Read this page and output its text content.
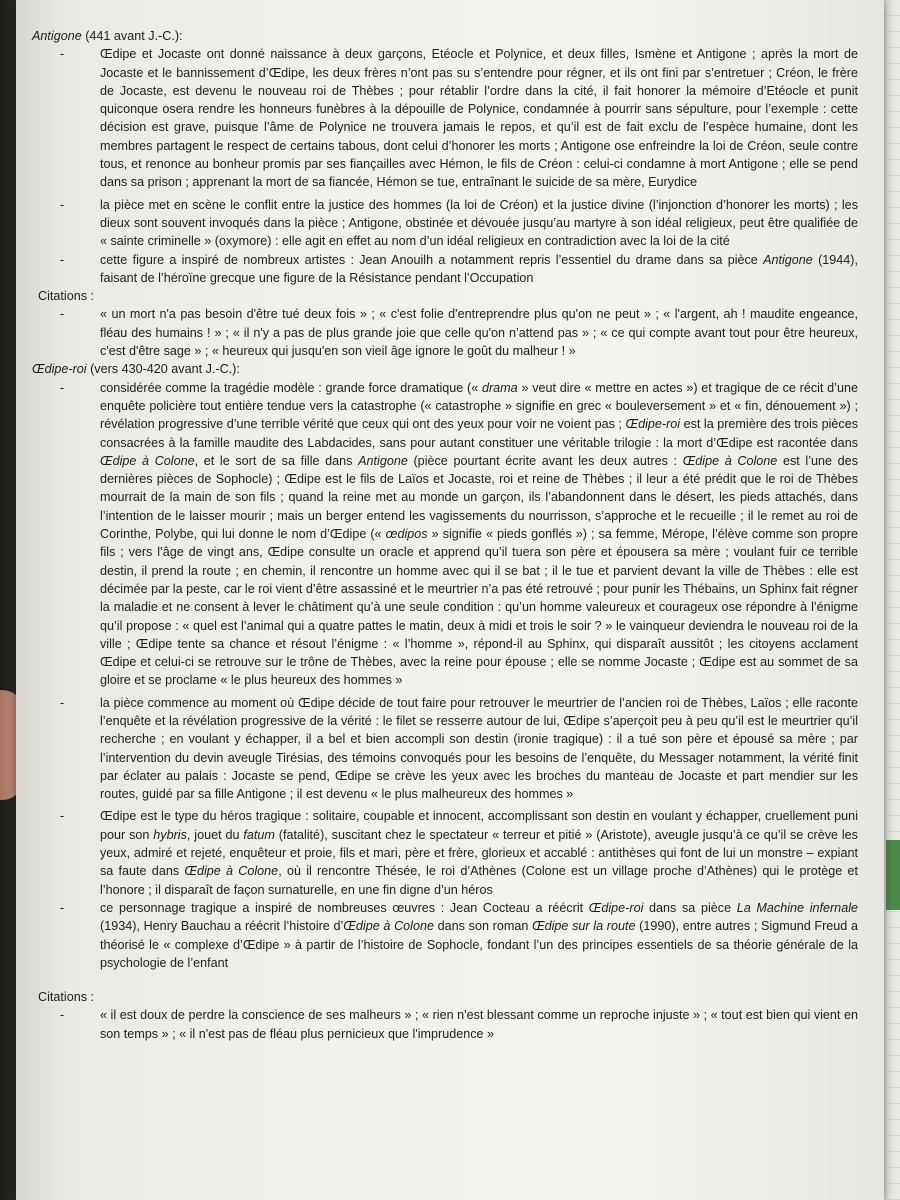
Antigone (441 avant J.-C.):
-	Œdipe et Jocaste ont donné naissance à deux garçons, Etéocle et Polynice, et deux filles, Ismène et Antigone ; après la mort de Jocaste et le bannissement d’Œdipe, les deux frères n’ont pas su s’entendre pour régner, et ils ont fini par s’entretuer ; Créon, le frère de Jocaste, est devenu le nouveau roi de Thèbes ; pour rétablir l’ordre dans la cité, il fait honorer la mémoire d’Etéocle et punit quiconque osera rendre les honneurs funèbres à la dépouille de Polynice, condamnée à pourrir sans sépulture, pour l’exemple : cette décision est grave, puisque l’âme de Polynice ne trouvera jamais le repos, et qu’il est de fait exclu de l’espèce humaine, dont les membres partagent le respect de certains tabous, dont celui d’honorer les morts ; Antigone ose enfreindre la loi de Créon, seule contre tous, et renonce au bonheur promis par ses fiançailles avec Hémon, le fils de Créon : celui-ci condamne à mort Antigone ; elle se pend dans sa prison ; apprenant la mort de sa fiancée, Hémon se tue, entraînant le suicide de sa mère, Eurydice
-	la pièce met en scène le conflit entre la justice des hommes (la loi de Créon) et la justice divine (l’injonction d’honorer les morts) ; les dieux sont souvent invoqués dans la pièce ; Antigone, obstinée et dévouée jusqu’au martyre à son idéal religieux, peut être qualifiée de « sainte criminelle » (oxymore) : elle agit en effet au nom d’un idéal religieux en contradiction avec la loi de la cité
-	cette figure a inspiré de nombreux artistes : Jean Anouilh a notamment repris l’essentiel du drame dans sa pièce Antigone (1944), faisant de l’héroïne grecque une figure de la Résistance pendant l’Occupation
Citations :
-	« un mort n'a pas besoin d'être tué deux fois » ; « c'est folie d'entreprendre plus qu'on ne peut » ; « l'argent, ah ! maudite engeance, fléau des humains ! » ; « il n'y a pas de plus grande joie que celle qu'on n’attend pas » ; « ce qui compte avant tout pour être heureux, c'est d'être sage » ; « heureux qui jusqu'en son vieil âge ignore le goût du malheur ! »
Œdipe-roi (vers 430-420 avant J.-C.):
-	considérée comme la tragédie modèle : grande force dramatique (« drama » veut dire « mettre en actes ») et tragique de ce récit d’une enquête policière tout entière tendue vers la catastrophe (« catastrophe » signifie en grec « bouleversement » et « fin, dénouement ») ; révélation progressive d’une terrible vérité que ceux qui ont des yeux pour voir ne voient pas ; Œdipe-roi est la première des trois pièces consacrées à la famille maudite des Labdacides, sans pour autant constituer une véritable trilogie : la mort d’Œdipe est racontée dans Œdipe à Colone, et le sort de sa fille dans Antigone (pièce pourtant écrite avant les deux autres : Œdipe à Colone est l’une des dernières pièces de Sophocle) ; Œdipe est le fils de Laïos et Jocaste, roi et reine de Thèbes ; il leur a été prédit que le roi de Thèbes mourrait de la main de son fils ; quand la reine met au monde un garçon, ils l’abandonnent dans le désert, les pieds attachés, dans l’intention de le laisser mourir ; mais un berger entend les vagissements du nourrisson, s’approche et le recueille ; il le remet au roi de Corinthe, Polybe, qui lui donne le nom d’Œdipe (« œdipos » signifie « pieds gonflés ») ; sa femme, Mérope, l’élève comme son propre fils ; vers l’âge de vingt ans, Œdipe consulte un oracle et apprend qu’il tuera son père et épousera sa mère ; voulant fuir ce terrible destin, il prend la route ; en chemin, il rencontre un homme avec qui il se bat ; il le tue et parvient devant la ville de Thèbes : elle est décimée par la peste, car le roi vient d’être assassiné et le meurtrier n’a pas été retrouvé ; pour punir les Thébains, un Sphinx fait régner la maladie et ne consent à lever le châtiment qu’à une seule condition : qu’un homme valeureux et courageux ose répondre à l’énigme qu’il propose : « quel est l’animal qui a quatre pattes le matin, deux à midi et trois le soir ? » le vainqueur deviendra le nouveau roi de la ville ; Œdipe tente sa chance et résout l’énigme : « l’homme », répond-il au Sphinx, qui disparaît aussitôt ; les citoyens acclament Œdipe et celui-ci se retrouve sur le trône de Thèbes, avec la reine pour épouse ; elle se nomme Jocaste ; Œdipe est au sommet de sa gloire et se proclame « le plus heureux des hommes »
-	la pièce commence au moment où Œdipe décide de tout faire pour retrouver le meurtrier de l’ancien roi de Thèbes, Laïos ; elle raconte l’enquête et la révélation progressive de la vérité : le filet se resserre autour de lui, Œdipe s’aperçoit peu à peu qu’il est le meurtrier qu’il recherche ; en voulant y échapper, il a bel et bien accompli son destin (ironie tragique) : il a tué son père et épousé sa mère ; par l’intervention du devin aveugle Tirésias, des témoins convoqués pour les besoins de l’enquête, du Messager notamment, la vérité finit par éclater au palais : Jocaste se pend, Œdipe se crève les yeux avec les broches du manteau de Jocaste et part mendier sur les routes, guidé par sa fille Antigone ; il est devenu « le plus malheureux des hommes »
-	Œdipe est le type du héros tragique : solitaire, coupable et innocent, accomplissant son destin en voulant y échapper, cruellement puni pour son hybris, jouet du fatum (fatalité), suscitant chez le spectateur « terreur et pitié » (Aristote), aveugle jusqu’à ce qu’il se crève les yeux, admiré et rejeté, enquêteur et proie, fils et mari, père et frère, glorieux et accablé : antithèses qui font de lui un monstre – expiant sa faute dans Œdipe à Colone, où il rencontre Thésée, le roi d’Athènes (Colone est un village proche d’Athènes) qui le protège et l’honore ; il disparaît de façon surnaturelle, en une fin digne d’un héros
-	ce personnage tragique a inspiré de nombreuses œuvres : Jean Cocteau a réécrit Œdipe-roi dans sa pièce La Machine infernale (1934), Henry Bauchau a réécrit l’histoire d’Œdipe à Colone dans son roman Œdipe sur la route (1990), entre autres ; Sigmund Freud a théorisé le « complexe d’Œdipe » à partir de l’histoire de Sophocle, fondant l’un des principes essentiels de sa théorie générale de la psychologie de l’enfant
Citations :
-	« il est doux de perdre la conscience de ses malheurs » ; « rien n'est blessant comme un reproche injuste » ; « tout est bien qui vient en son temps » ; « il n'est pas de fléau plus pernicieux que l'imprudence »
